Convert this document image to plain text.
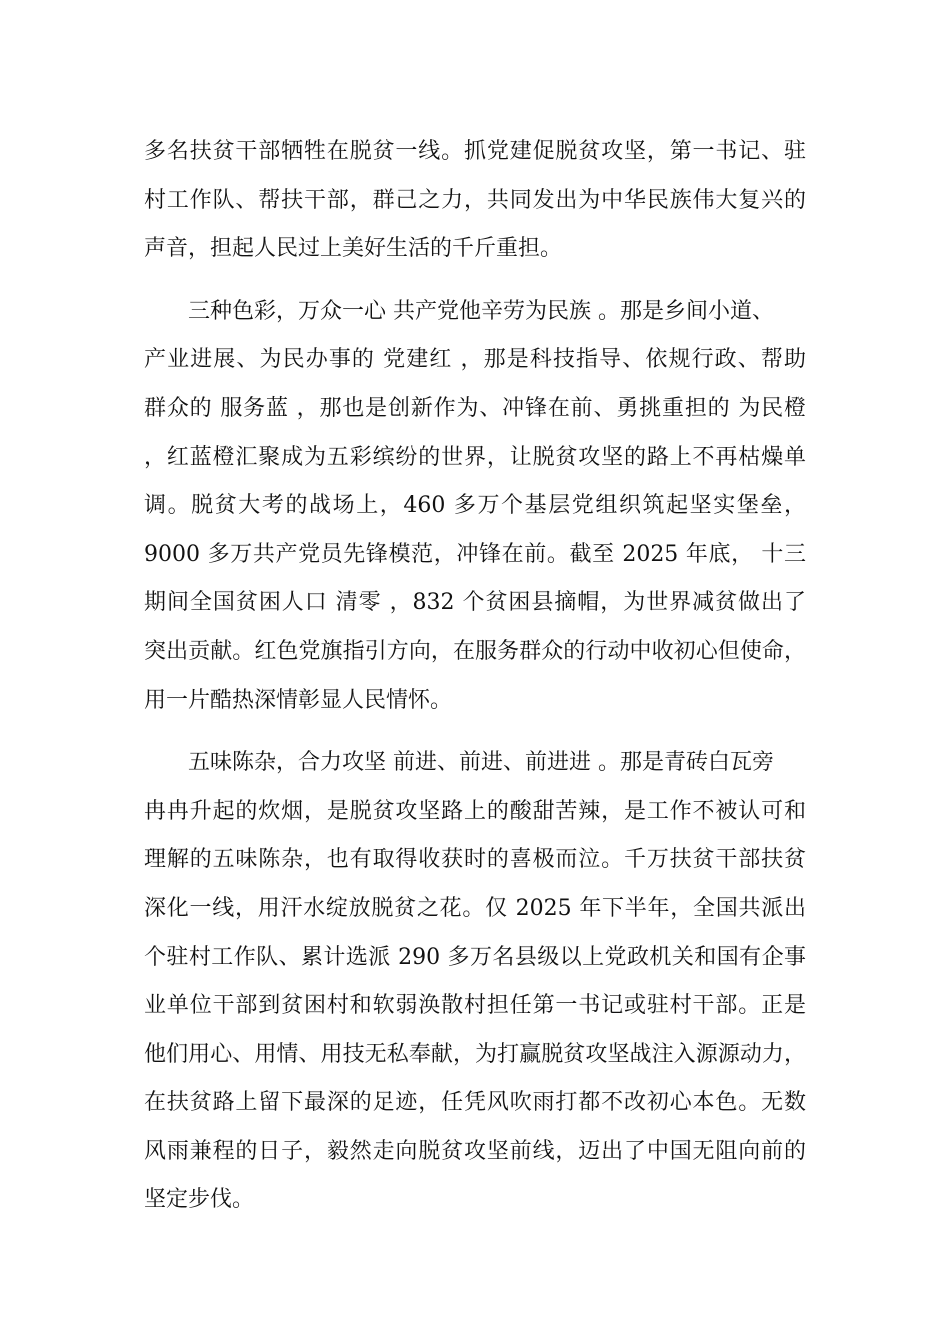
多名扶贫干部牺牲在脱贫一线。抓党建促脱贫攻坚，第一书记、驻
村工作队、帮扶干部，群己之力，共同发出为中华民族伟大复兴的
声音，担起人民过上美好生活的千斤重担。
三种色彩，万众一心 共产党他辛劳为民族 。那是乡间小道、
产业进展、为民办事的 党建红 ，那是科技指导、依规行政、帮助
群众的 服务蓝 ，那也是创新作为、冲锋在前、勇挑重担的 为民橙
，红蓝橙汇聚成为五彩缤纷的世界，让脱贫攻坚的路上不再枯燥单
调。脱贫大考的战场上，460 多万个基层党组织筑起坚实堡垒，
9000 多万共产党员先锋模范，冲锋在前。截至 2025 年底， 十三
期间全国贫困人口 清零 ，832 个贫困县摘帽，为世界减贫做出了
突出贡献。红色党旗指引方向，在服务群众的行动中收初心但使命，
用一片酷热深情彰显人民情怀。
五味陈杂，合力攻坚 前进、前进、前进进 。那是青砖白瓦旁
冉冉升起的炊烟，是脱贫攻坚路上的酸甜苦辣，是工作不被认可和
理解的五味陈杂，也有取得收获时的喜极而泣。千万扶贫干部扶贫
深化一线，用汗水绽放脱贫之花。仅 2025 年下半年，全国共派出
个驻村工作队、累计选派 290 多万名县级以上党政机关和国有企事
业单位干部到贫困村和软弱涣散村担任第一书记或驻村干部。正是
他们用心、用情、用技无私奉献，为打赢脱贫攻坚战注入源源动力，
在扶贫路上留下最深的足迹，任凭风吹雨打都不改初心本色。无数
风雨兼程的日子，毅然走向脱贫攻坚前线，迈出了中国无阻向前的
坚定步伐。
